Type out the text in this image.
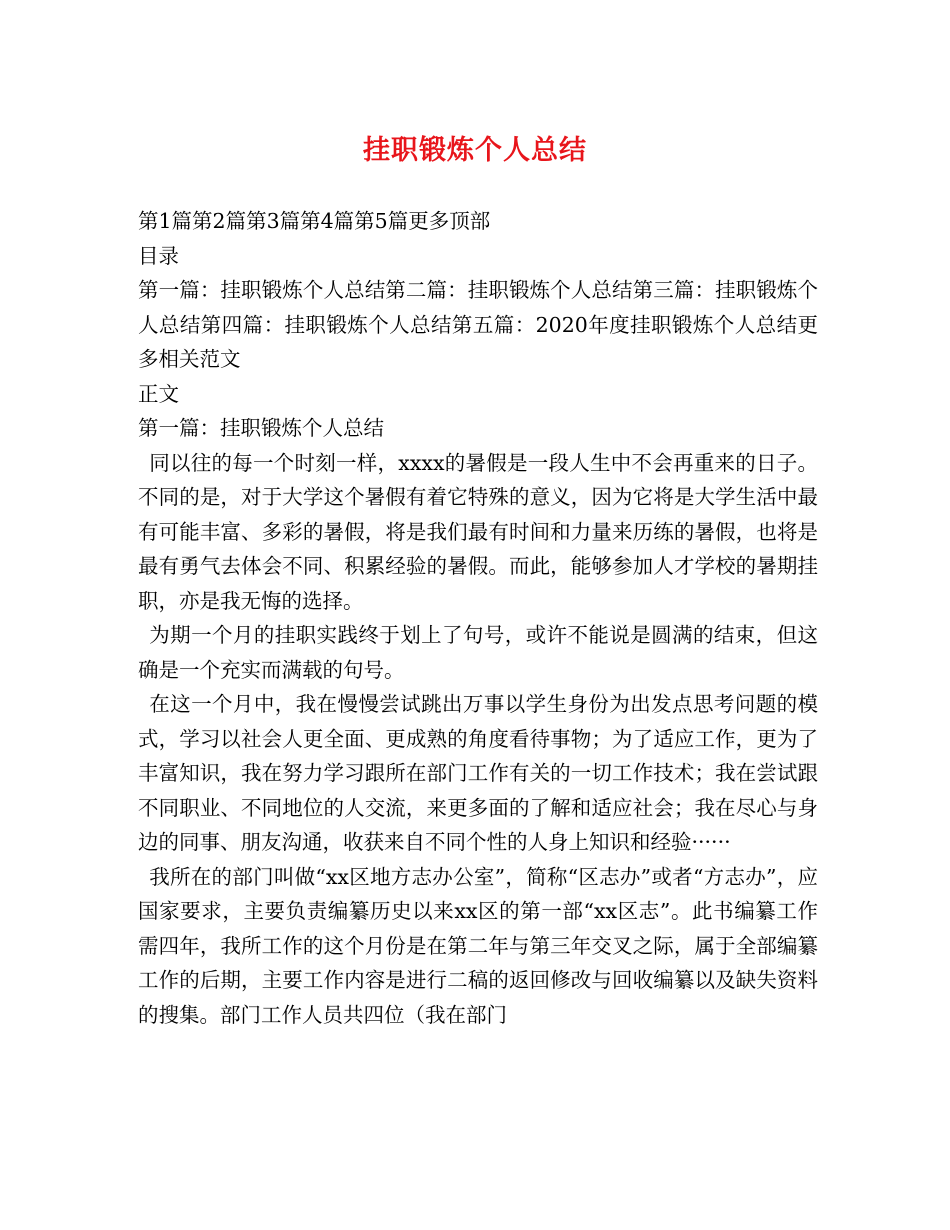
挂职锻炼个人总结

第1篇第2篇第3篇第4篇第5篇更多顶部

目录

第一篇：挂职锻炼个人总结第二篇：挂职锻炼个人总结第三篇：挂职锻炼个人总结第四篇：挂职锻炼个人总结第五篇：2020年度挂职锻炼个人总结更多相关范文

正文

第一篇：挂职锻炼个人总结

同以往的每一个时刻一样，xxxx的暑假是一段人生中不会再重来的日子。不同的是，对于大学这个暑假有着它特殊的意义，因为它将是大学生活中最有可能丰富、多彩的暑假，将是我们最有时间和力量来历练的暑假，也将是最有勇气去体会不同、积累经验的暑假。而此，能够参加人才学校的暑期挂职，亦是我无悔的选择。

为期一个月的挂职实践终于划上了句号，或许不能说是圆满的结束，但这确是一个充实而满载的句号。

在这一个月中，我在慢慢尝试跳出万事以学生身份为出发点思考问题的模式，学习以社会人更全面、更成熟的角度看待事物；为了适应工作，更为了丰富知识，我在努力学习跟所在部门工作有关的一切工作技术；我在尝试跟不同职业、不同地位的人交流，来更多面的了解和适应社会；我在尽心与身边的同事、朋友沟通，收获来自不同个性的人身上知识和经验······

我所在的部门叫做“xx区地方志办公室”，简称“区志办”或者“方志办”，应国家要求，主要负责编纂历史以来xx区的第一部“xx区志”。此书编纂工作需四年，我所工作的这个月份是在第二年与第三年交叉之际，属于全部编纂工作的后期，主要工作内容是进行二稿的返回修改与回收编纂以及缺失资料的搜集。部门工作人员共四位（我在部门
